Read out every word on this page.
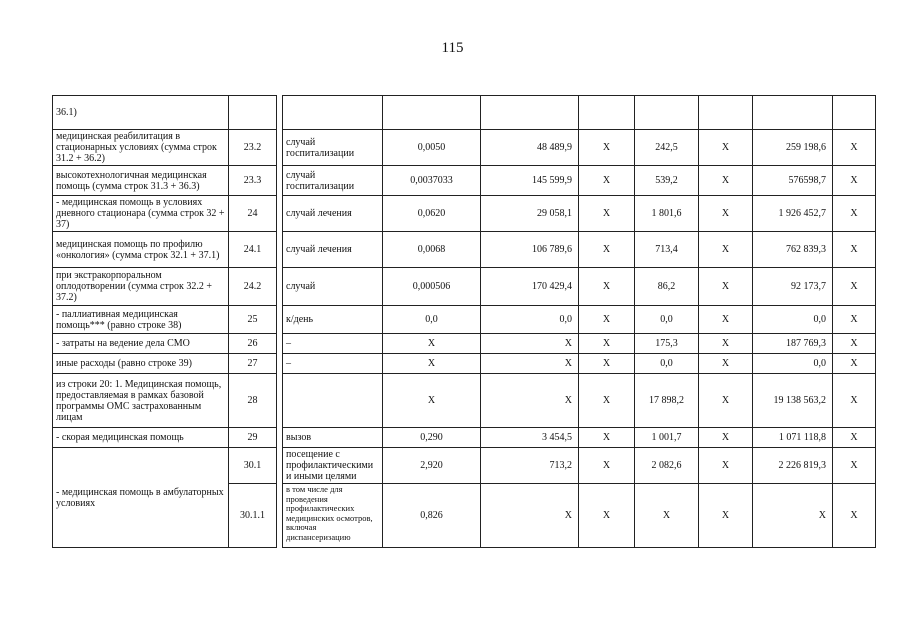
115
36.1)										
медицинская реабилитация в стационарных условиях (сумма строк 31.2 + 36.2)	23.2		случай госпитализации	0,0050	48 489,9	X	242,5	X	259 198,6	X
высокотехнологичная медицинская помощь (сумма строк 31.3 + 36.3)	23.3		случай госпитализации	0,0037033	145 599,9	X	539,2	X	576598,7	X
- медицинская помощь в условиях дневного стационара (сумма строк 32 + 37)	24		случай лечения	0,0620	29 058,1	X	1 801,6	X	1 926 452,7	X
медицинская помощь по профилю «онкология» (сумма строк 32.1 + 37.1)	24.1		случай лечения	0,0068	106 789,6	X	713,4	X	762 839,3	X
при экстракорпоральном оплодотворении (сумма строк 32.2 + 37.2)	24.2		случай	0,000506	170 429,4	X	86,2	X	92 173,7	X
- паллиативная медицинская помощь*** (равно строке 38)	25		к/день	0,0	0,0	X	0,0	X	0,0	X
- затраты на ведение дела СМО	26		–	X	X	X	175,3	X	187 769,3	X
иные расходы (равно строке 39)	27		–	X	X	X	0,0	X	0,0	X
из строки 20: 1. Медицинская помощь, предоставляемая в рамках базовой программы ОМС застрахованным лицам	28			X	X	X	17 898,2	X	19 138 563,2	X
- скорая медицинская помощь	29		вызов	0,290	3 454,5	X	1 001,7	X	1 071 118,8	X
- медицинская помощь в амбулаторных условиях	30.1		посещение с профилактическими и иными целями	2,920	713,2	X	2 082,6	X	2 226 819,3	X
	30.1.1		в том числе для проведения профилактических медицинских осмотров, включая диспансеризацию	0,826	X	X	X	X	X	X
